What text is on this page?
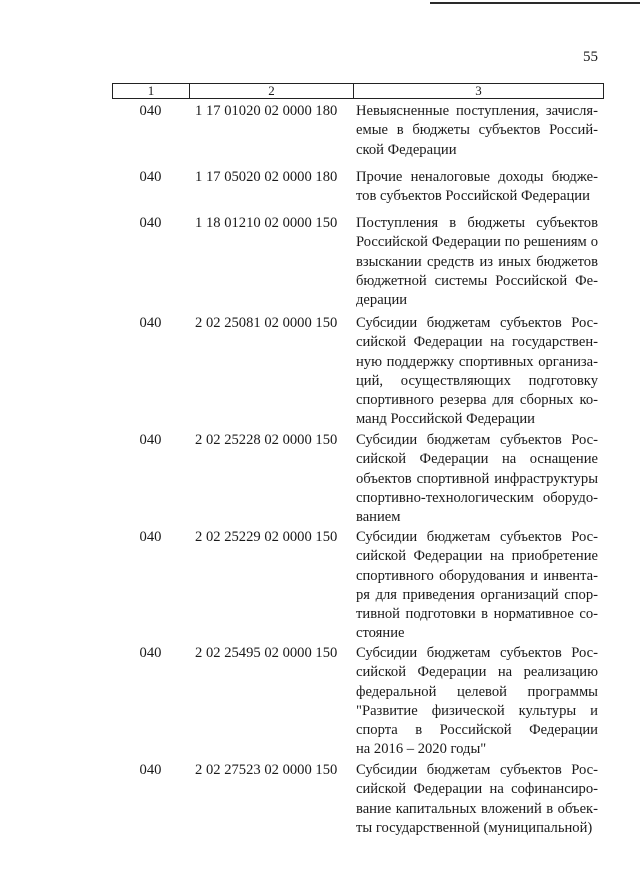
55
1	2	3
040	1 17 01020 02 0000 180	Невыясненные поступления, зачисля-
емые в бюджеты субъектов Россий-
ской Федерации
040	1 17 05020 02 0000 180	Прочие неналоговые доходы бюдже-
тов субъектов Российской Федерации
040	1 18 01210 02 0000 150	Поступления в бюджеты субъектов
Российской Федерации по решениям о
взыскании средств из иных бюджетов
бюджетной системы Российской Фе-
дерации
040	2 02 25081 02 0000 150	Субсидии бюджетам субъектов Рос-
сийской Федерации на государствен-
ную поддержку спортивных организа-
ций, осуществляющих подготовку
спортивного резерва для сборных ко-
манд Российской Федерации
040	2 02 25228 02 0000 150	Субсидии бюджетам субъектов Рос-
сийской Федерации на оснащение
объектов спортивной инфраструктуры
спортивно-технологическим оборудо-
ванием
040	2 02 25229 02 0000 150	Субсидии бюджетам субъектов Рос-
сийской Федерации на приобретение
спортивного оборудования и инвента-
ря для приведения организаций спор-
тивной подготовки в нормативное со-
стояние
040	2 02 25495 02 0000 150	Субсидии бюджетам субъектов Рос-
сийской Федерации на реализацию
федеральной целевой программы
"Развитие физической культуры и
спорта в Российской Федерации
на 2016 – 2020 годы"
040	2 02 27523 02 0000 150	Субсидии бюджетам субъектов Рос-
сийской Федерации на софинансиро-
вание капитальных вложений в объек-
ты государственной (муниципальной)
